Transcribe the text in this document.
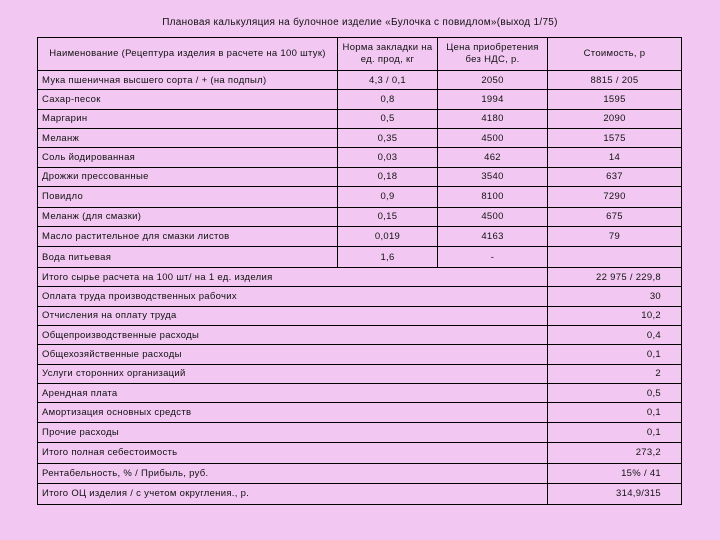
Плановая калькуляция на булочное изделие «Булочка с повидлом»(выход 1/75)
Наименование (Рецептура изделия в расчете на 100 штук)	Норма закладки на ед. прод, кг	Цена приобретения без НДС, р.	Стоимость, р
Мука пшеничная высшего сорта / + (на подпыл)	4,3 / 0,1	2050	8815 / 205
Сахар-песок	0,8	1994	1595
Маргарин	0,5	4180	2090
Меланж	0,35	4500	1575
Соль йодированная	0,03	462	14
Дрожжи прессованные	0,18	3540	637
Повидло	0,9	8100	7290
Меланж (для смазки)	0,15	4500	675
Масло растительное для смазки листов	0,019	4163	79
Вода питьевая	1,6	-	
Итого сырье расчета на 100 шт/ на 1 ед. изделия			22 975 / 229,8
Оплата труда производственных рабочих			30
Отчисления на оплату труда			10,2
Общепроизводственные расходы			0,4
Общехозяйственные расходы			0,1
Услуги сторонних организаций			2
Арендная плата			0,5
Амортизация основных средств			0,1
Прочие расходы			0,1
Итого полная себестоимость			273,2
Рентабельность, % / Прибыль, руб.			15% / 41
Итого ОЦ изделия / с учетом округления., р.			314,9/315
